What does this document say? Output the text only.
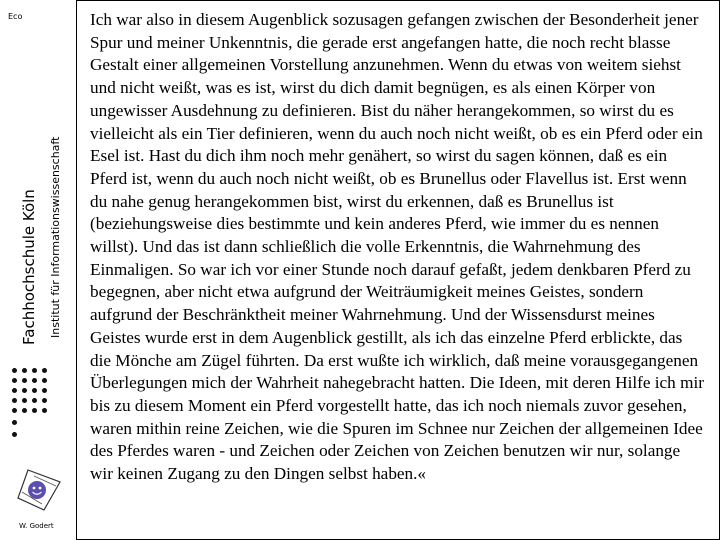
Eco
Fachhochschule Köln Institut für Informationswissenschaft
W. Godert

Ich war also in diesem Augenblick sozusagen gefangen zwischen der Besonderheit jener Spur und meiner Unkenntnis, die gerade erst angefangen hatte, die noch recht blasse Gestalt einer allgemeinen Vorstellung anzunehmen. Wenn du etwas von weitem siehst und nicht weißt, was es ist, wirst du dich damit begnügen, es als einen Körper von ungewisser Ausdehnung zu definieren. Bist du näher herangekommen, so wirst du es vielleicht als ein Tier definieren, wenn du auch noch nicht weißt, ob es ein Pferd oder ein Esel ist. Hast du dich ihm noch mehr genähert, so wirst du sagen können, daß es ein Pferd ist, wenn du auch noch nicht weißt, ob es Brunellus oder Flavellus ist. Erst wenn du nahe genug herangekommen bist, wirst du erkennen, daß es Brunellus ist (beziehungsweise dies bestimmte und kein anderes Pferd, wie immer du es nennen willst). Und das ist dann schließlich die volle Erkenntnis, die Wahrnehmung des Einmaligen. So war ich vor einer Stunde noch darauf gefaßt, jedem denkbaren Pferd zu begegnen, aber nicht etwa aufgrund der Weiträumigkeit meines Geistes, sondern aufgrund der Beschränktheit meiner Wahrnehmung. Und der Wissensdurst meines Geistes wurde erst in dem Augenblick gestillt, als ich das einzelne Pferd erblickte, das die Mönche am Zügel führten. Da erst wußte ich wirklich, daß meine vorausgegangenen Überlegungen mich der Wahrheit nahegebracht hatten. Die Ideen, mit deren Hilfe ich mir bis zu diesem Moment ein Pferd vorgestellt hatte, das ich noch niemals zuvor gesehen, waren mithin reine Zeichen, wie die Spuren im Schnee nur Zeichen der allgemeinen Idee des Pferdes waren - und Zeichen oder Zeichen von Zeichen benutzen wir nur, solange wir keinen Zugang zu den Dingen selbst haben.«
